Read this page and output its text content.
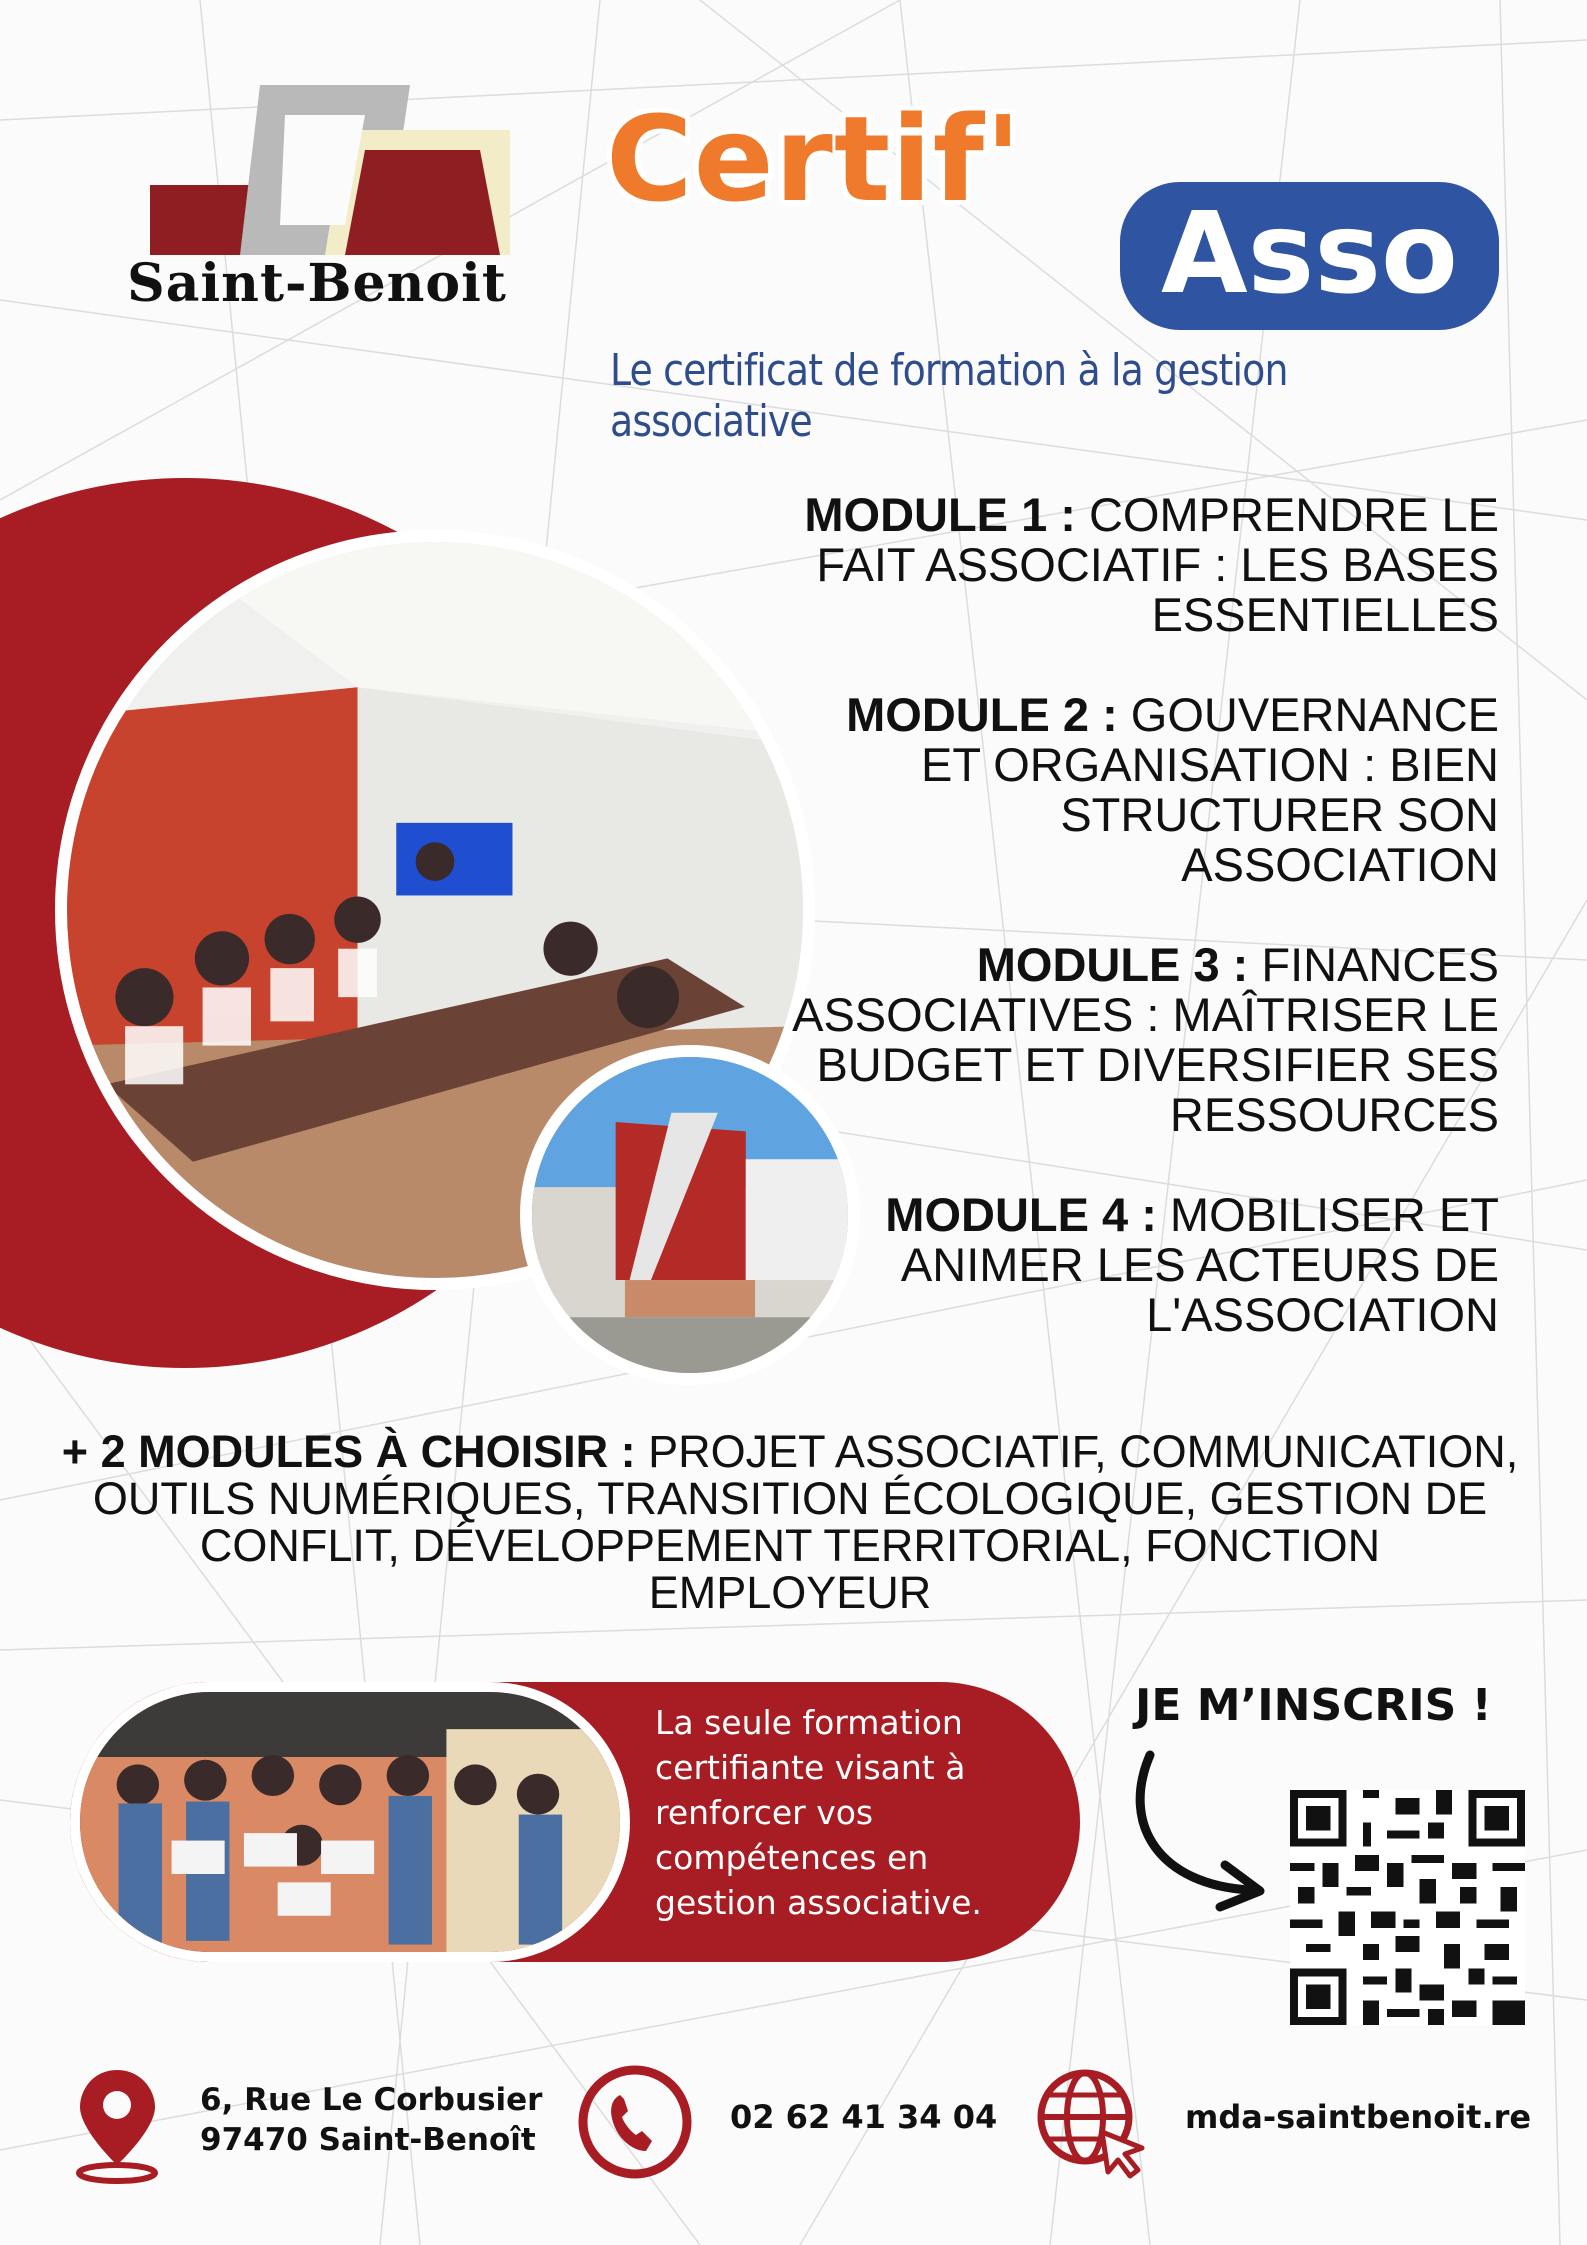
Saint-Benoit
Certif'
Asso
Le certificat de formation à la gestion associative
MODULE 1 : COMPRENDRE LE FAIT ASSOCIATIF : LES BASES ESSENTIELLES
MODULE 2 : GOUVERNANCE ET ORGANISATION : BIEN STRUCTURER SON ASSOCIATION
MODULE 3 : FINANCES ASSOCIATIVES : MAÎTRISER LE BUDGET ET DIVERSIFIER SES RESSOURCES
MODULE 4 : MOBILISER ET ANIMER LES ACTEURS DE L'ASSOCIATION
+ 2 MODULES À CHOISIR : PROJET ASSOCIATIF, COMMUNICATION, OUTILS NUMÉRIQUES, TRANSITION ÉCOLOGIQUE, GESTION DE CONFLIT, DÉVELOPPEMENT TERRITORIAL, FONCTION EMPLOYEUR
La seule formation certifiante visant à renforcer vos compétences en gestion associative.
JE M’INSCRIS !
6, Rue Le Corbusier
97470 Saint-Benoît
02 62 41 34 04	mda-saintbenoit.re
